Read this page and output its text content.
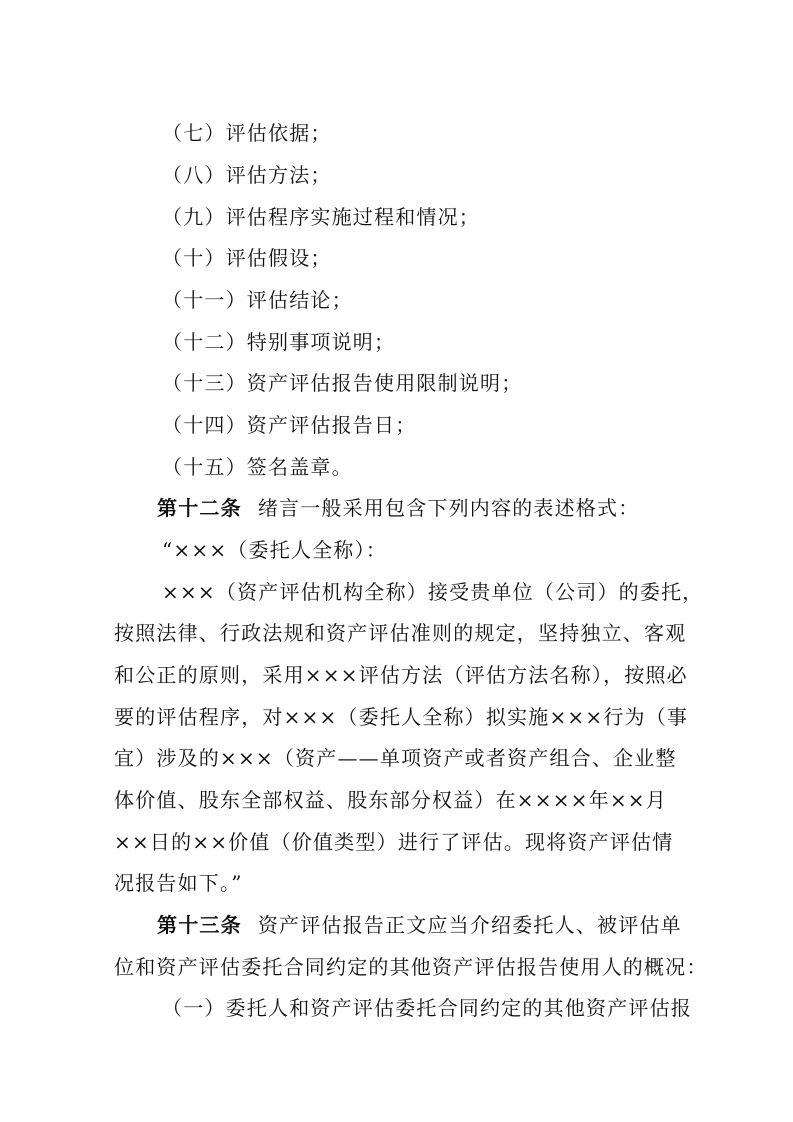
（七）评估依据；
（八）评估方法；
（九）评估程序实施过程和情况；
（十）评估假设；
（十一）评估结论；
（十二）特别事项说明；
（十三）资产评估报告使用限制说明；
（十四）资产评估报告日；
（十五）签名盖章。
第十二条 绪言一般采用包含下列内容的表述格式：
“×××（委托人全称）：
×××（资产评估机构全称）接受贵单位（公司）的委托，
按照法律、行政法规和资产评估准则的规定，坚持独立、客观
和公正的原则，采用×××评估方法（评估方法名称），按照必
要的评估程序，对×××（委托人全称）拟实施×××行为（事
宜）涉及的×××（资产——单项资产或者资产组合、企业整
体价值、股东全部权益、股东部分权益）在××××年××月
××日的××价值（价值类型）进行了评估。现将资产评估情
况报告如下。”
第十三条 资产评估报告正文应当介绍委托人、被评估单
位和资产评估委托合同约定的其他资产评估报告使用人的概况：
（一）委托人和资产评估委托合同约定的其他资产评估报
